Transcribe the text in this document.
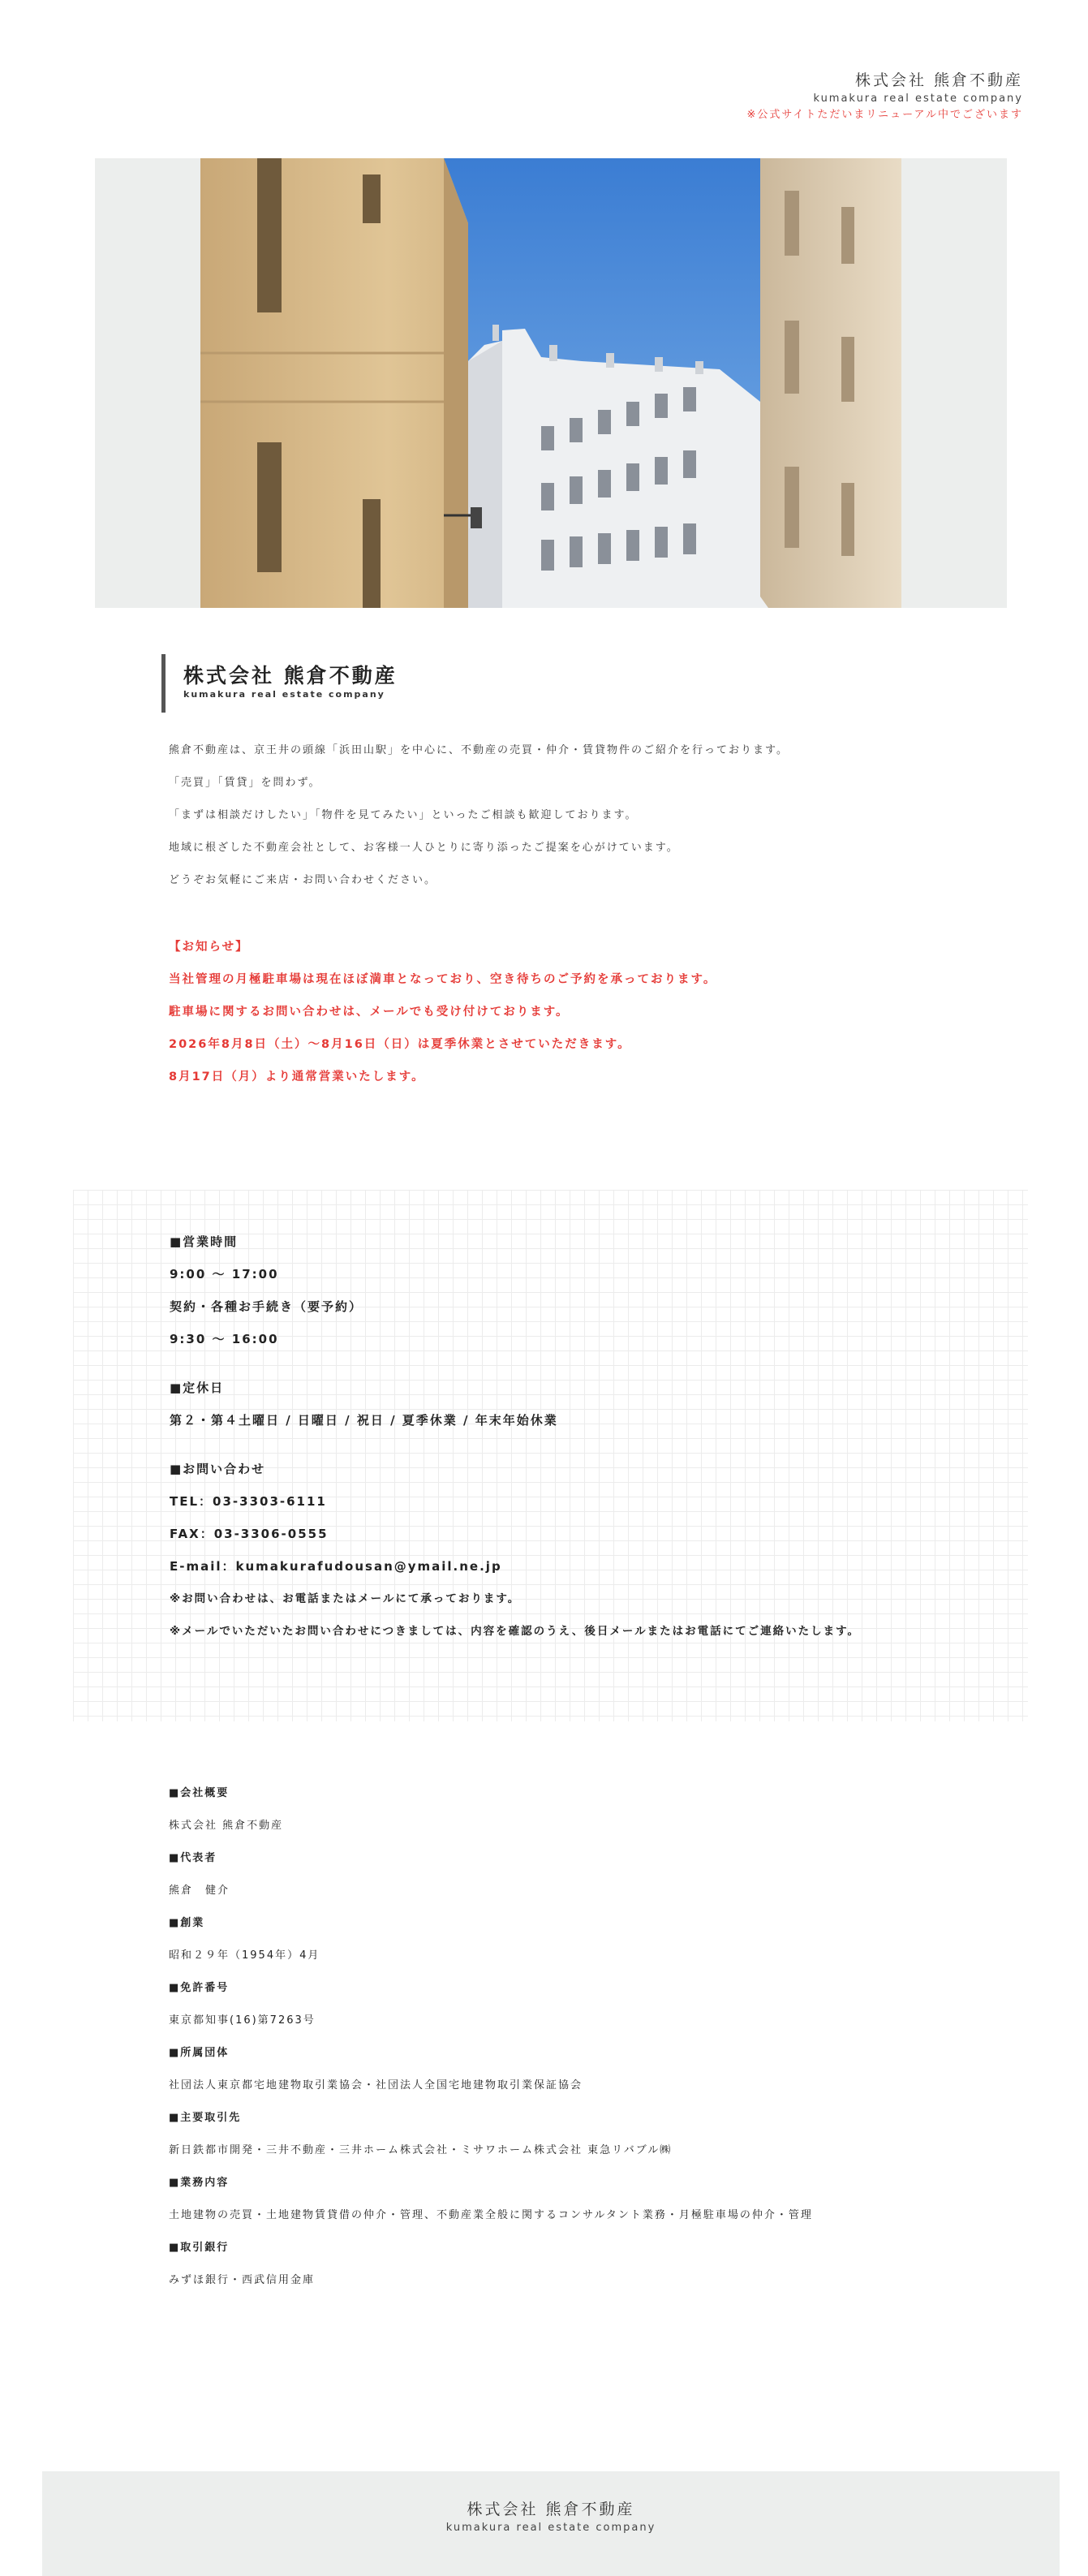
株式会社 熊倉不動産
kumakura real estate company
※公式サイトただいまリニューアル中でございます
株式会社 熊倉不動産
kumakura real estate company

熊倉不動産は、京王井の頭線「浜田山駅」を中心に、不動産の売買・仲介・賃貸物件のご紹介を行っております。

「売買」「賃貸」を問わず。

「まずは相談だけしたい」「物件を見てみたい」といったご相談も歓迎しております。

地域に根ざした不動産会社として、お客様一人ひとりに寄り添ったご提案を心がけています。

どうぞお気軽にご来店・お問い合わせください。

【お知らせ】

当社管理の月極駐車場は現在ほぼ満車となっており、空き待ちのご予約を承っております。

駐車場に関するお問い合わせは、メールでも受け付けております。

2026年8月8日（土）～8月16日（日）は夏季休業とさせていただきます。

8月17日（月）より通常営業いたします。

■営業時間
9:00 ～ 17:00
契約・各種お手続き（要予約）
9:30 ～ 16:00
■定休日
第２・第４土曜日 / 日曜日 / 祝日 / 夏季休業 / 年末年始休業
■お問い合わせ
TEL：03-3303-6111
FAX：03-3306-0555
E-mail：kumakurafudousan@ymail.ne.jp
※お問い合わせは、お電話またはメールにて承っております。
※メールでいただいたお問い合わせにつきましては、内容を確認のうえ、後日メールまたはお電話にてご連絡いたします。
■会社概要
株式会社 熊倉不動産
■代表者
熊倉　健介
■創業
昭和２９年（1954年）4月
■免許番号
東京都知事(16)第7263号
■所属団体
社団法人東京都宅地建物取引業協会・社団法人全国宅地建物取引業保証協会
■主要取引先
新日鉄都市開発・三井不動産・三井ホーム株式会社・ミサワホーム株式会社 東急リバブル㈱
■業務内容
土地建物の売買・土地建物賃貸借の仲介・管理、不動産業全般に関するコンサルタント業務・月極駐車場の仲介・管理
■取引銀行
みずほ銀行・西武信用金庫
株式会社 熊倉不動産
kumakura real estate company
